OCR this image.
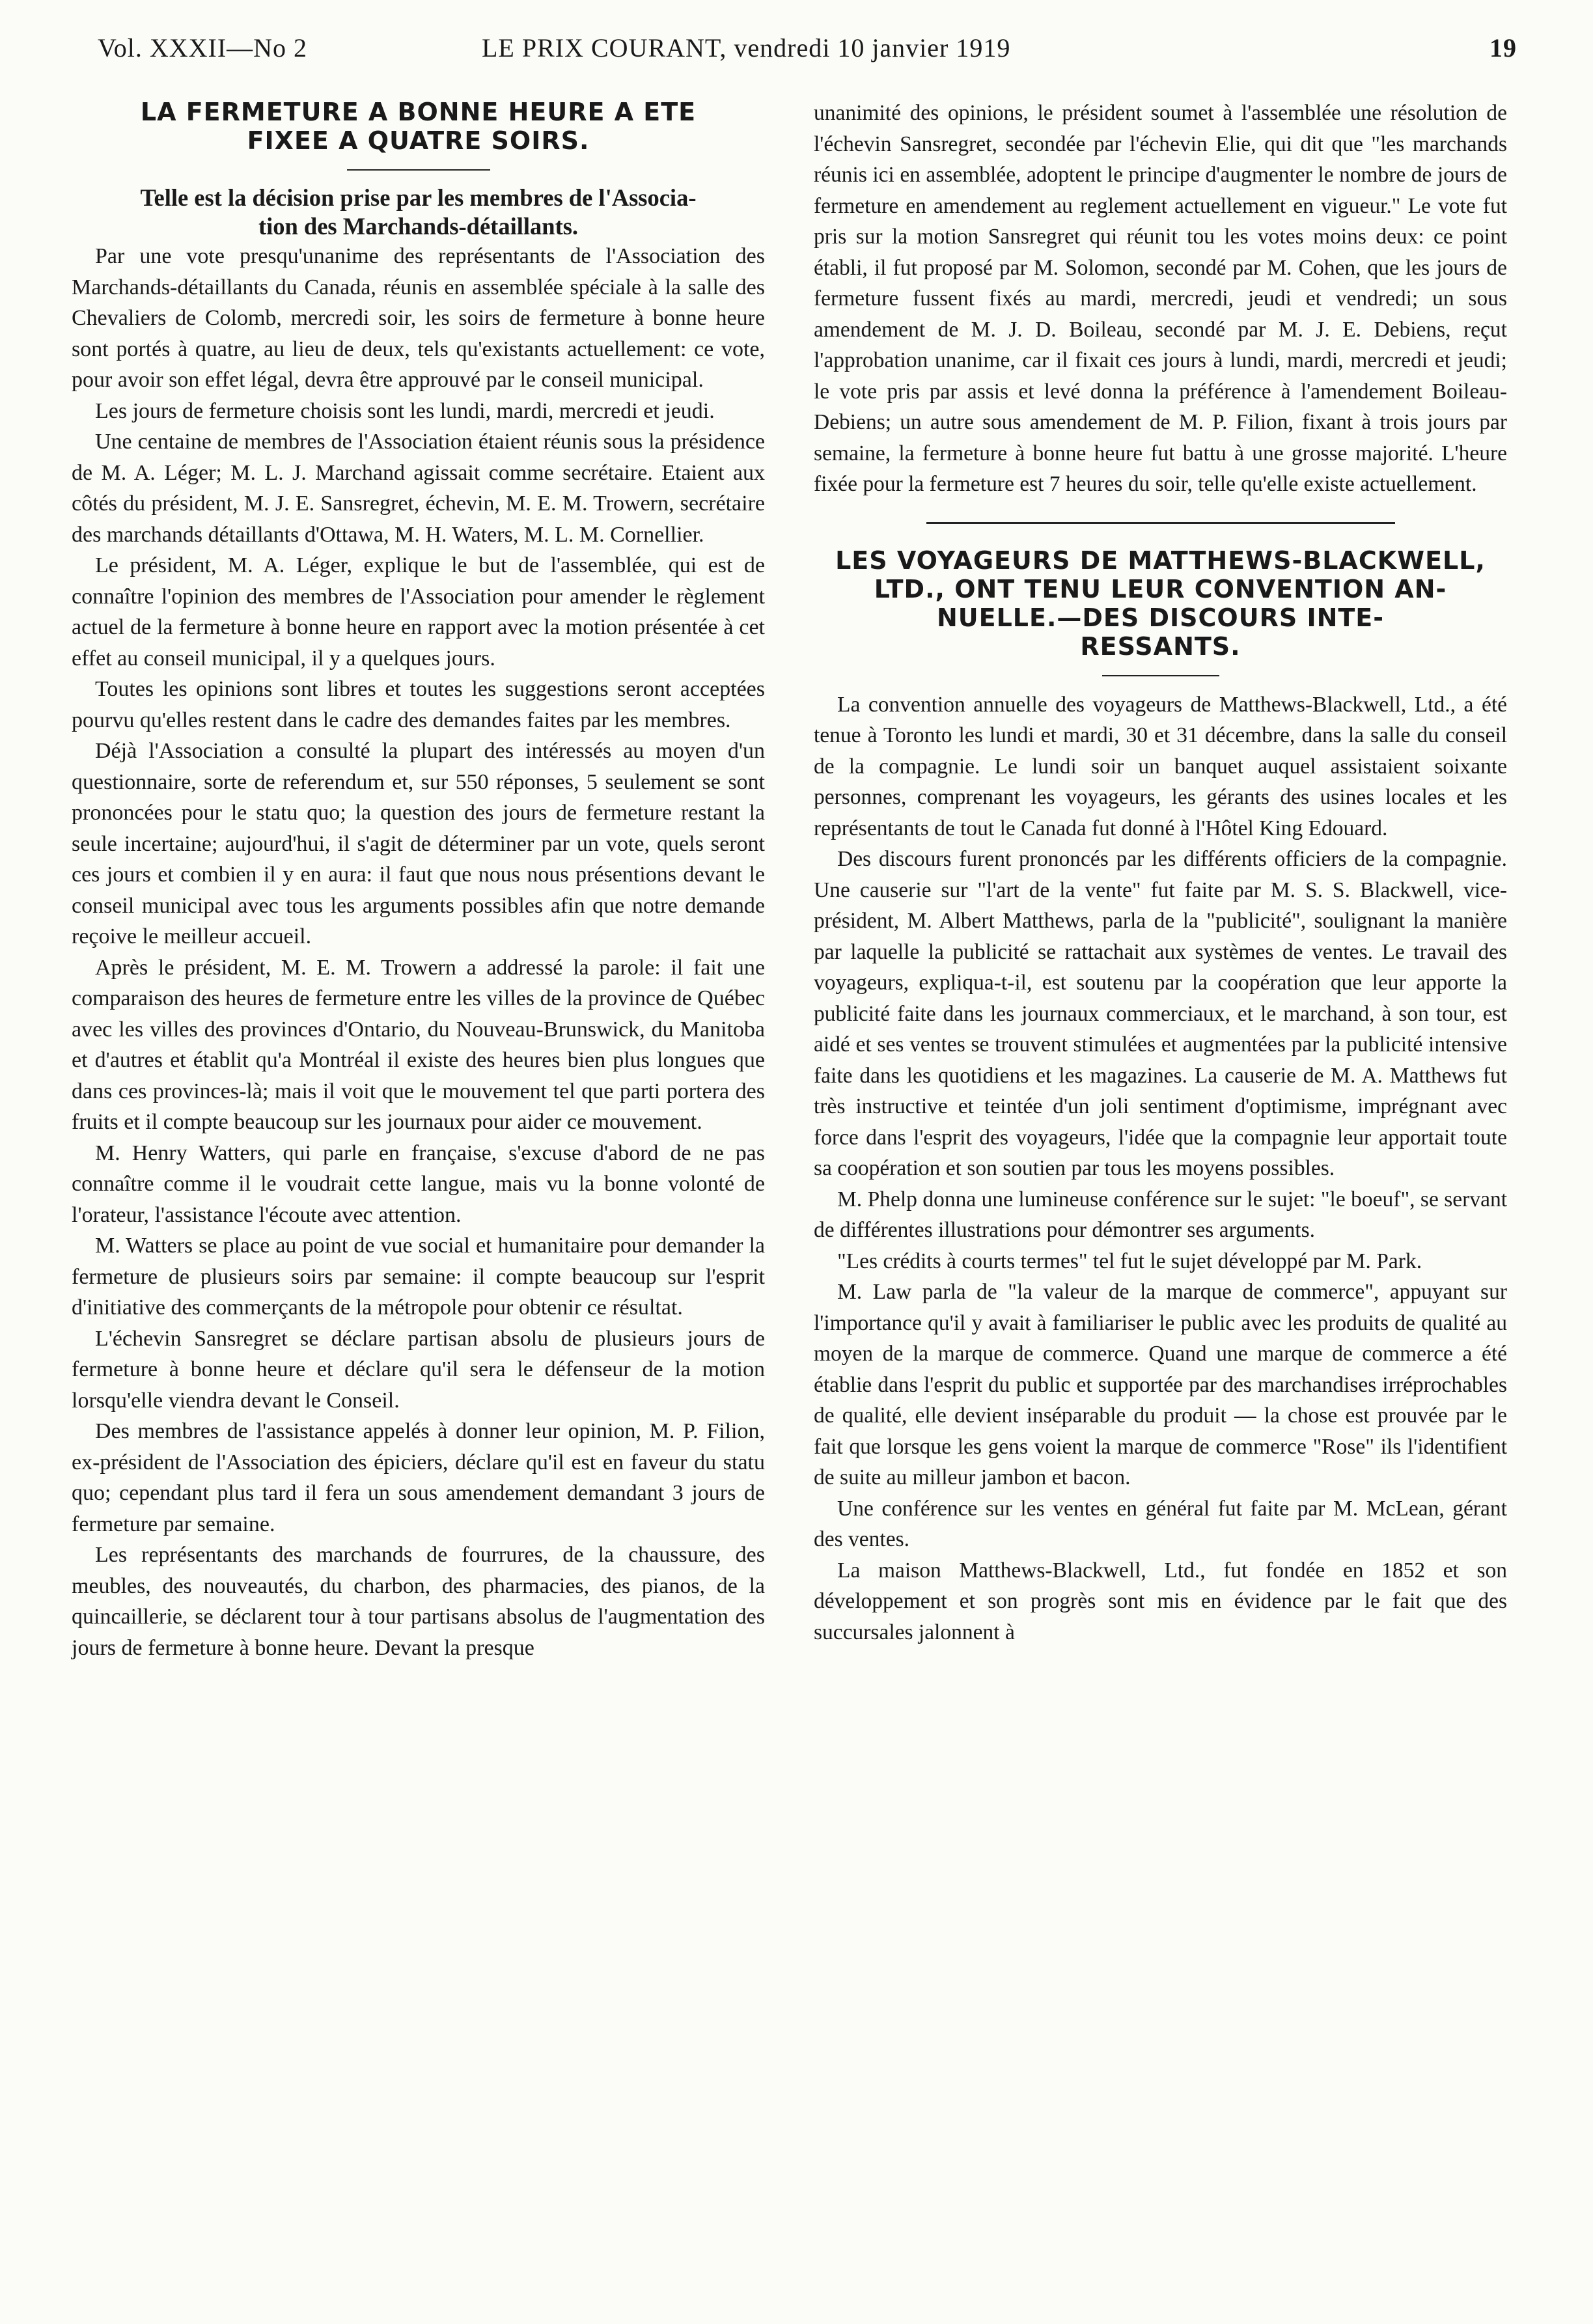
Vol. XXXII—No 2	LE PRIX COURANT, vendredi 10 janvier 1919	19

LA FERMETURE A BONNE HEURE A ETE

FIXEE A QUATRE SOIRS.

Telle est la décision prise par les membres de l'Associa-

tion des Marchands-détaillants.

Par une vote presqu'unanime des représentants de l'Association des Marchands-détaillants du Canada, réunis en assemblée spéciale à la salle des Chevaliers de Colomb, mercredi soir, les soirs de fermeture à bonne heure sont portés à quatre, au lieu de deux, tels qu'existants actuellement: ce vote, pour avoir son effet légal, devra être approuvé par le conseil municipal.

Les jours de fermeture choisis sont les lundi, mardi, mercredi et jeudi.

Une centaine de membres de l'Association étaient réunis sous la présidence de M. A. Léger; M. L. J. Marchand agissait comme secrétaire. Etaient aux côtés du président, M. J. E. Sansregret, échevin, M. E. M. Trowern, secrétaire des marchands détaillants d'Ottawa, M. H. Waters, M. L. M. Cornellier.

Le président, M. A. Léger, explique le but de l'assemblée, qui est de connaître l'opinion des membres de l'Association pour amender le règlement actuel de la fermeture à bonne heure en rapport avec la motion présentée à cet effet au conseil municipal, il y a quelques jours.

Toutes les opinions sont libres et toutes les suggestions seront acceptées pourvu qu'elles restent dans le cadre des demandes faites par les membres.

Déjà l'Association a consulté la plupart des intéressés au moyen d'un questionnaire, sorte de referendum et, sur 550 réponses, 5 seulement se sont prononcées pour le statu quo; la question des jours de fermeture restant la seule incertaine; aujourd'hui, il s'agit de déterminer par un vote, quels seront ces jours et combien il y en aura: il faut que nous nous présentions devant le conseil municipal avec tous les arguments possibles afin que notre demande reçoive le meilleur accueil.

Après le président, M. E. M. Trowern a addressé la parole: il fait une comparaison des heures de fermeture entre les villes de la province de Québec avec les villes des provinces d'Ontario, du Nouveau-Brunswick, du Manitoba et d'autres et établit qu'a Montréal il existe des heures bien plus longues que dans ces provinces-là; mais il voit que le mouvement tel que parti portera des fruits et il compte beaucoup sur les journaux pour aider ce mouvement.

M. Henry Watters, qui parle en française, s'excuse d'abord de ne pas connaître comme il le voudrait cette langue, mais vu la bonne volonté de l'orateur, l'assistance l'écoute avec attention.

M. Watters se place au point de vue social et humanitaire pour demander la fermeture de plusieurs soirs par semaine: il compte beaucoup sur l'esprit d'initiative des commerçants de la métropole pour obtenir ce résultat.

L'échevin Sansregret se déclare partisan absolu de plusieurs jours de fermeture à bonne heure et déclare qu'il sera le défenseur de la motion lorsqu'elle viendra devant le Conseil.

Des membres de l'assistance appelés à donner leur opinion, M. P. Filion, ex-président de l'Association des épiciers, déclare qu'il est en faveur du statu quo; cependant plus tard il fera un sous amendement demandant 3 jours de fermeture par semaine.

Les représentants des marchands de fourrures, de la chaussure, des meubles, des nouveautés, du charbon, des pharmacies, des pianos, de la quincaillerie, se déclarent tour à tour partisans absolus de l'augmentation des jours de fermeture à bonne heure. Devant la presque

unanimité des opinions, le président soumet à l'assemblée une résolution de l'échevin Sansregret, secondée par l'échevin Elie, qui dit que "les marchands réunis ici en assemblée, adoptent le principe d'augmenter le nombre de jours de fermeture en amendement au reglement actuellement en vigueur." Le vote fut pris sur la motion Sansregret qui réunit tou les votes moins deux: ce point établi, il fut proposé par M. Solomon, secondé par M. Cohen, que les jours de fermeture fussent fixés au mardi, mercredi, jeudi et vendredi; un sous amendement de M. J. D. Boileau, secondé par M. J. E. Debiens, reçut l'approbation unanime, car il fixait ces jours à lundi, mardi, mercredi et jeudi; le vote pris par assis et levé donna la préférence à l'amendement Boileau-Debiens; un autre sous amendement de M. P. Filion, fixant à trois jours par semaine, la fermeture à bonne heure fut battu à une grosse majorité. L'heure fixée pour la fermeture est 7 heures du soir, telle qu'elle existe actuellement.

LES VOYAGEURS DE MATTHEWS-BLACKWELL,

LTD., ONT TENU LEUR CONVENTION AN-

NUELLE.—DES DISCOURS INTE-

RESSANTS.

La convention annuelle des voyageurs de Matthews-Blackwell, Ltd., a été tenue à Toronto les lundi et mardi, 30 et 31 décembre, dans la salle du conseil de la compagnie. Le lundi soir un banquet auquel assistaient soixante personnes, comprenant les voyageurs, les gérants des usines locales et les représentants de tout le Canada fut donné à l'Hôtel King Edouard.

Des discours furent prononcés par les différents officiers de la compagnie. Une causerie sur "l'art de la vente" fut faite par M. S. S. Blackwell, vice-président, M. Albert Matthews, parla de la "publicité", soulignant la manière par laquelle la publicité se rattachait aux systèmes de ventes. Le travail des voyageurs, expliqua-t-il, est soutenu par la coopération que leur apporte la publicité faite dans les journaux commerciaux, et le marchand, à son tour, est aidé et ses ventes se trouvent stimulées et augmentées par la publicité intensive faite dans les quotidiens et les magazines. La causerie de M. A. Matthews fut très instructive et teintée d'un joli sentiment d'optimisme, imprégnant avec force dans l'esprit des voyageurs, l'idée que la compagnie leur apportait toute sa coopération et son soutien par tous les moyens possibles.

M. Phelp donna une lumineuse conférence sur le sujet: "le boeuf", se servant de différentes illustrations pour démontrer ses arguments.

"Les crédits à courts termes" tel fut le sujet développé par M. Park.

M. Law parla de "la valeur de la marque de commerce", appuyant sur l'importance qu'il y avait à familiariser le public avec les produits de qualité au moyen de la marque de commerce. Quand une marque de commerce a été établie dans l'esprit du public et supportée par des marchandises irréprochables de qualité, elle devient inséparable du produit — la chose est prouvée par le fait que lorsque les gens voient la marque de commerce "Rose" ils l'identifient de suite au milleur jambon et bacon.

Une conférence sur les ventes en général fut faite par M. McLean, gérant des ventes.

La maison Matthews-Blackwell, Ltd., fut fondée en 1852 et son développement et son progrès sont mis en évidence par le fait que des succursales jalonnent à
